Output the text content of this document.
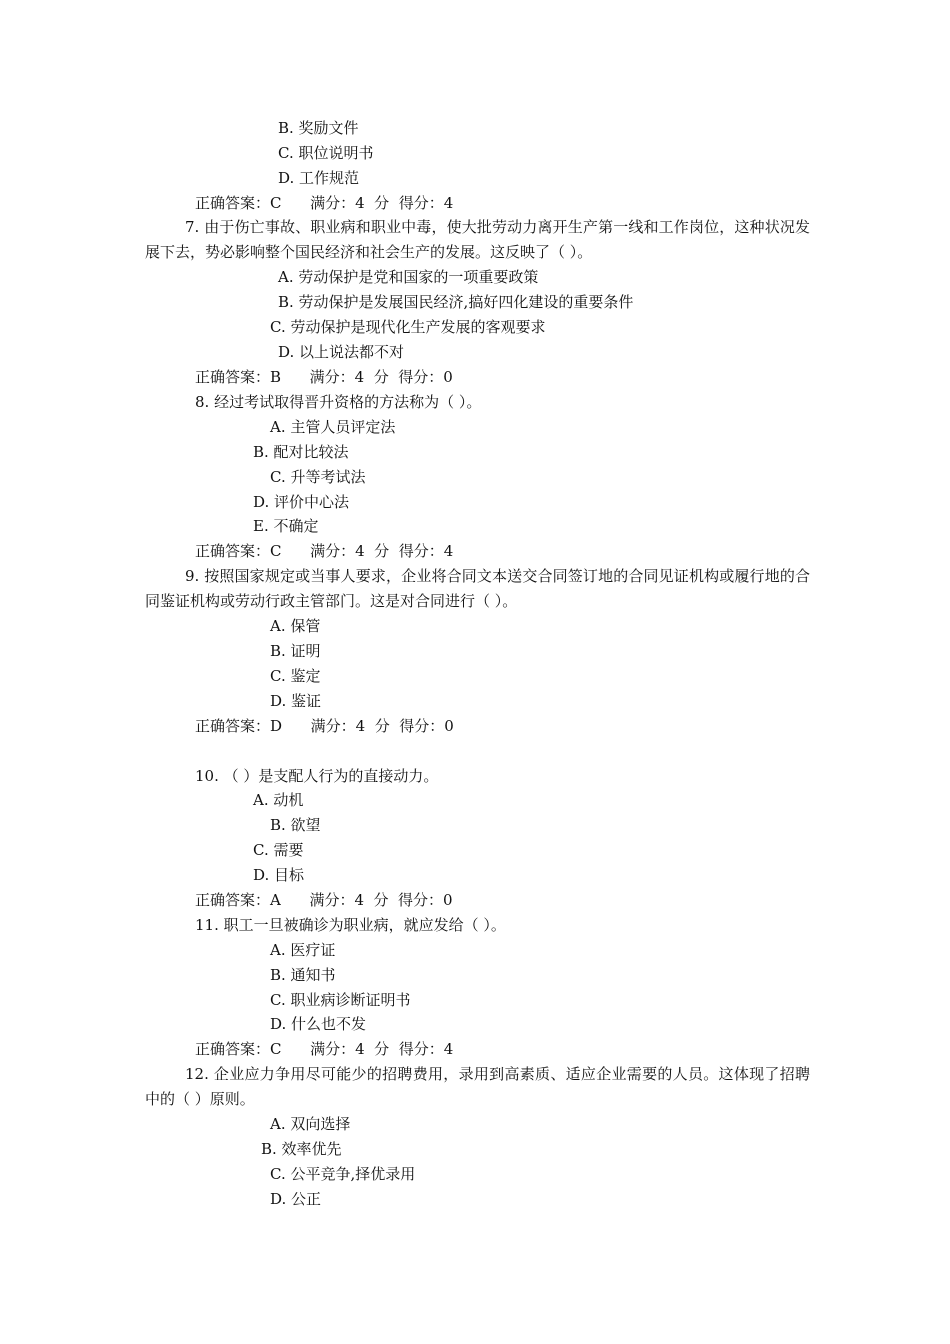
B. 奖励文件
C. 职位说明书
D. 工作规范
正确答案：C      满分：4  分  得分：4
7. 由于伤亡事故、职业病和职业中毒，使大批劳动力离开生产第一线和工作岗位，这种状况发展下去，势必影响整个国民经济和社会生产的发展。这反映了（ ）。
A. 劳动保护是党和国家的一项重要政策
B. 劳动保护是发展国民经济,搞好四化建设的重要条件
C. 劳动保护是现代化生产发展的客观要求
D. 以上说法都不对
正确答案：B      满分：4  分  得分：0
8. 经过考试取得晋升资格的方法称为（ ）。
A. 主管人员评定法
B. 配对比较法
C. 升等考试法
D. 评价中心法
E. 不确定
正确答案：C      满分：4  分  得分：4
9. 按照国家规定或当事人要求，企业将合同文本送交合同签订地的合同见证机构或履行地的合同鉴证机构或劳动行政主管部门。这是对合同进行（ ）。
A. 保管
B. 证明
C. 鉴定
D. 鉴证
正确答案：D      满分：4  分  得分：0
10. （ ）是支配人行为的直接动力。
A. 动机
B. 欲望
C. 需要
D. 目标
正确答案：A      满分：4  分  得分：0
11. 职工一旦被确诊为职业病，就应发给（ ）。
A. 医疗证
B. 通知书
C. 职业病诊断证明书
D. 什么也不发
正确答案：C      满分：4  分  得分：4
12. 企业应力争用尽可能少的招聘费用，录用到高素质、适应企业需要的人员。这体现了招聘中的（ ）原则。
A. 双向选择
B. 效率优先
C. 公平竞争,择优录用
D. 公正
